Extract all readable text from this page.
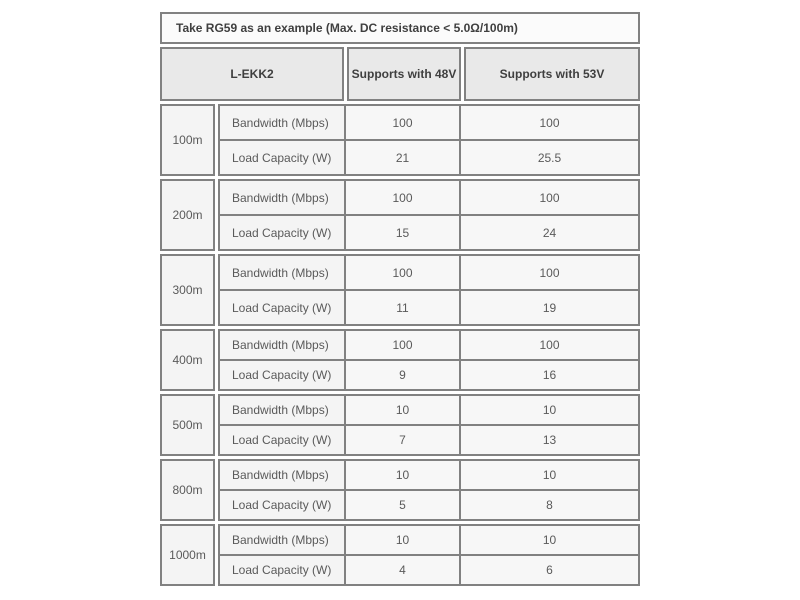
Take RG59 as an example (Max. DC resistance < 5.0Ω/100m)
L-EKK2	Supports with 48V	Supports with 53V
100m
Bandwidth (Mbps)	100	100
Load Capacity (W)	21	25.5
200m
Bandwidth (Mbps)	100	100
Load Capacity (W)	15	24
300m
Bandwidth (Mbps)	100	100
Load Capacity (W)	11	19
400m
Bandwidth (Mbps)	100	100
Load Capacity (W)	9	16
500m
Bandwidth (Mbps)	10	10
Load Capacity (W)	7	13
800m
Bandwidth (Mbps)	10	10
Load Capacity (W)	5	8
1000m
Bandwidth (Mbps)	10	10
Load Capacity (W)	4	6
